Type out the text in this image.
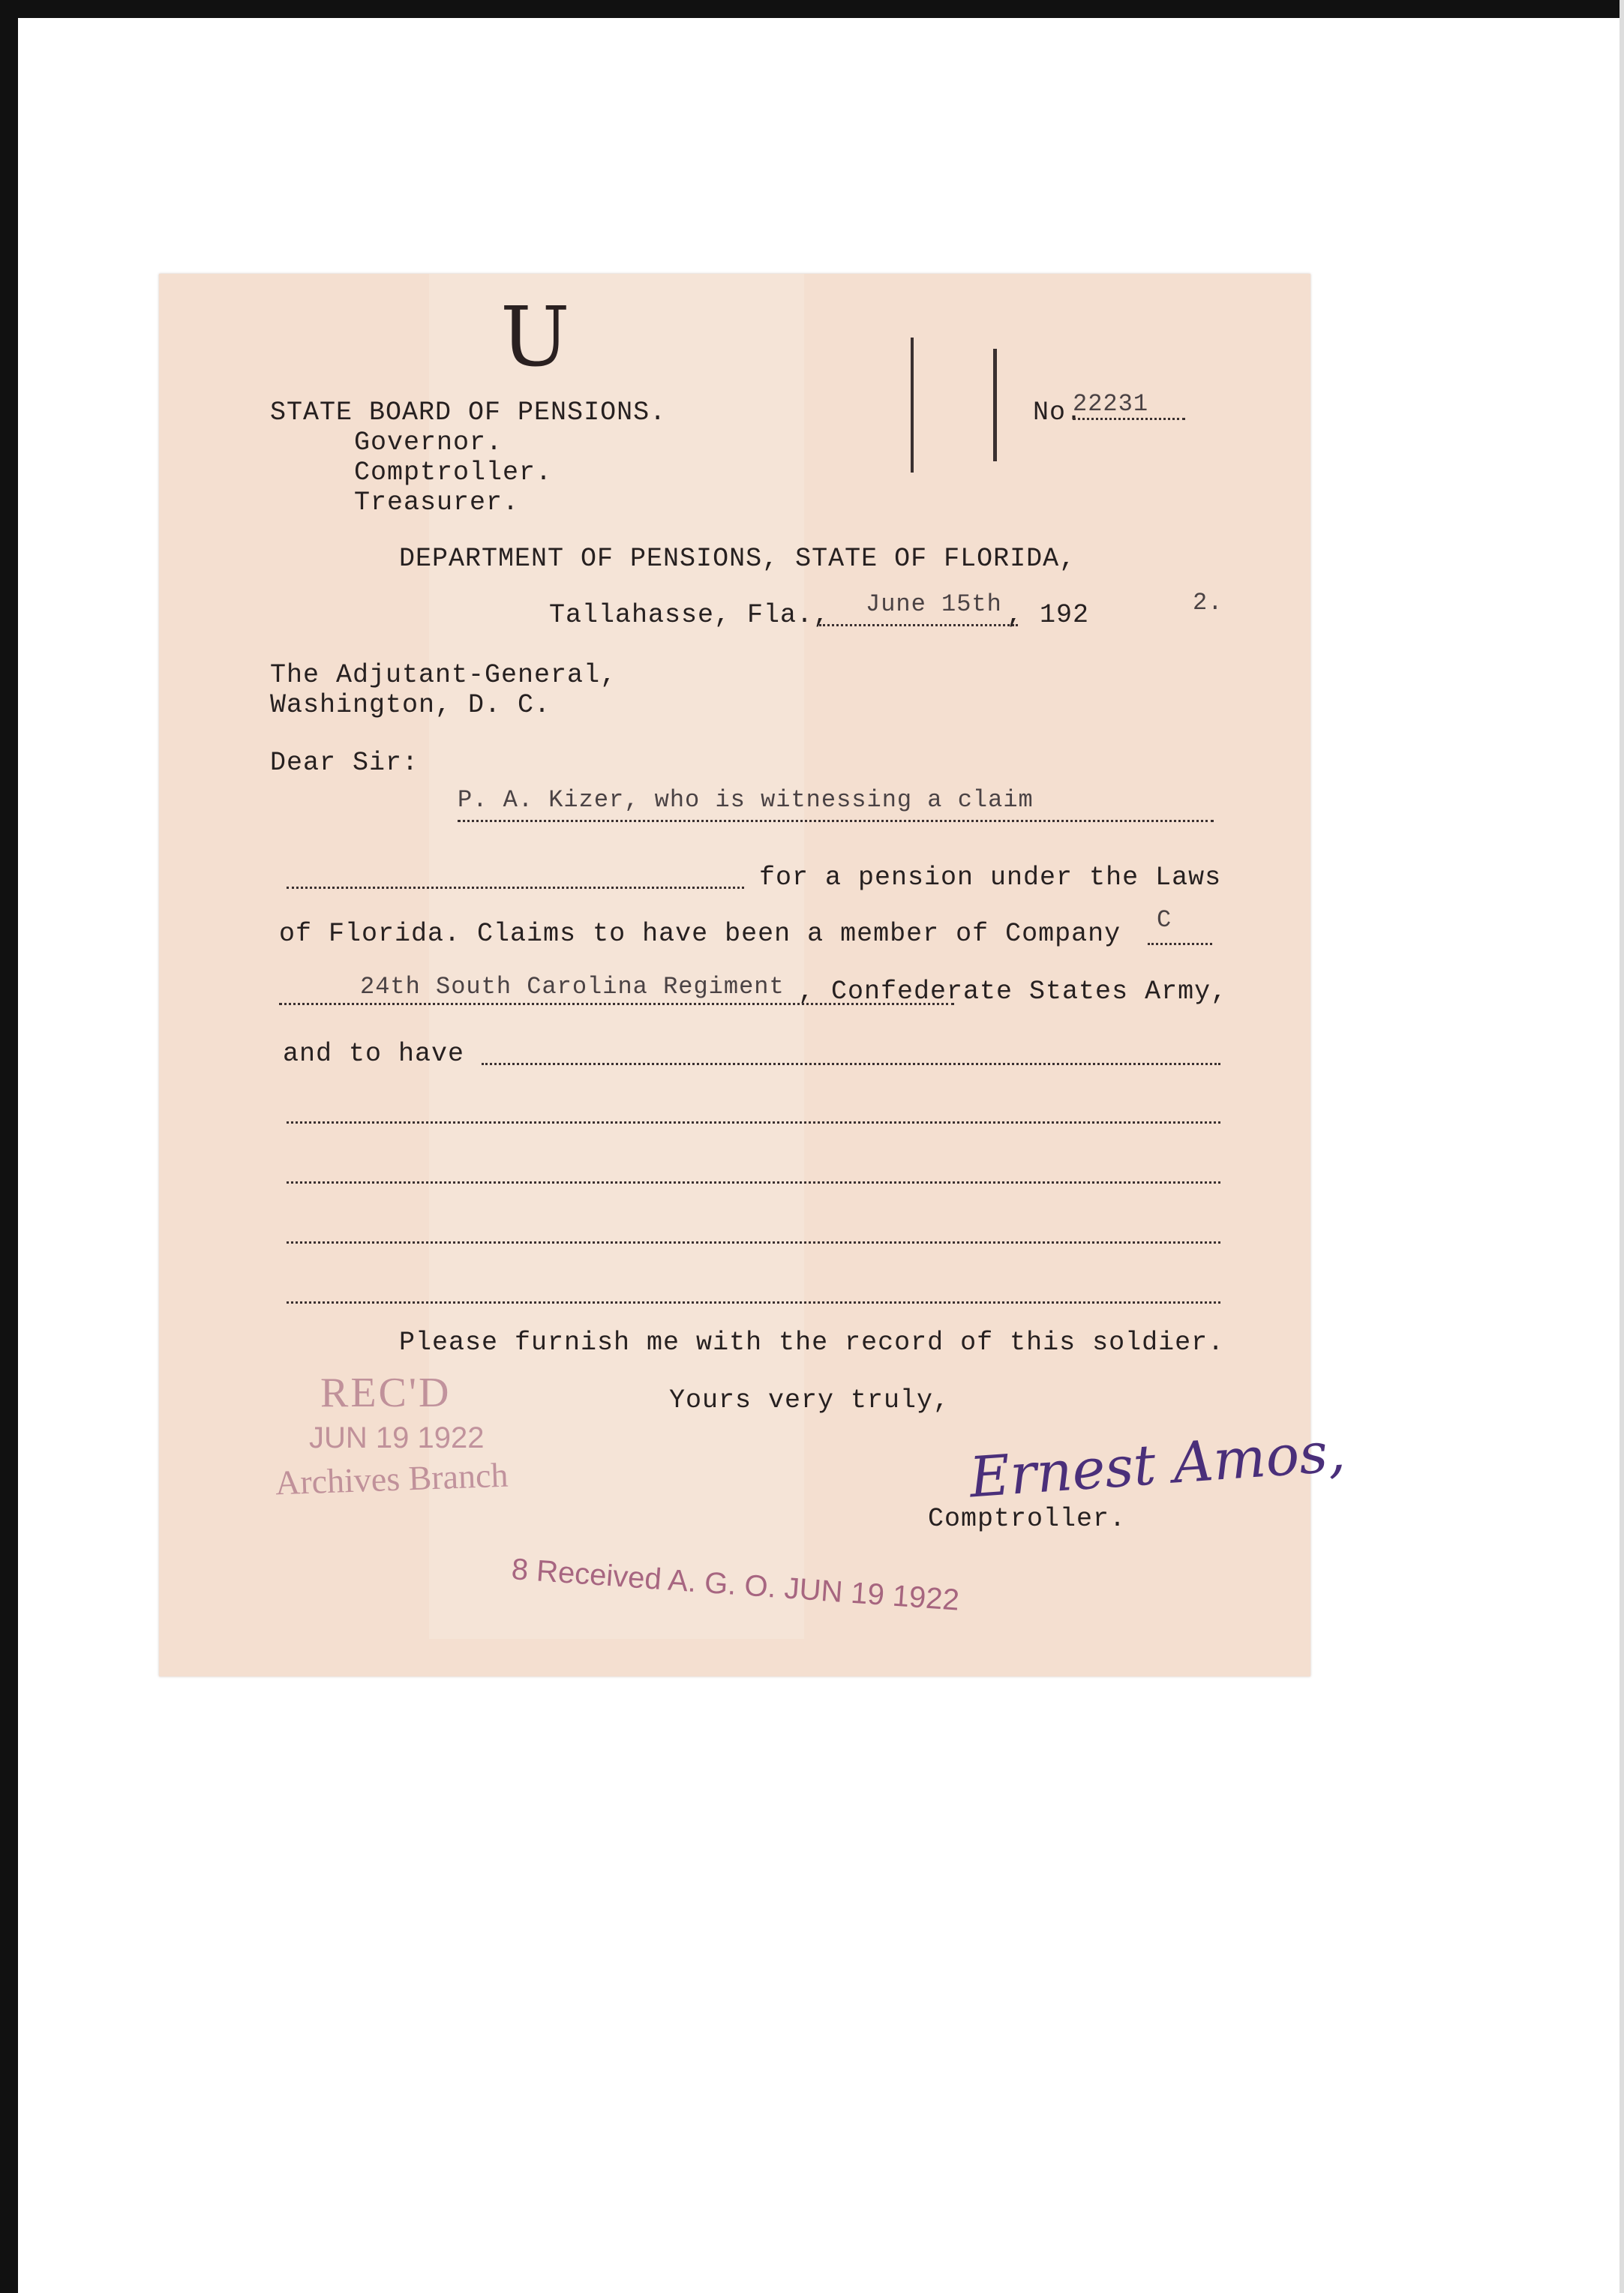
U
STATE BOARD OF PENSIONS.
Governor.
Comptroller.
Treasurer.
No.
22231
DEPARTMENT OF PENSIONS, STATE OF FLORIDA,
Tallahasse, Fla., June 15th , 192	2.
The Adjutant-General,
Washington, D. C.
Dear Sir:
P. A. Kizer, who is witnessing a claim
for a pension under the Laws
of Florida. Claims to have been a member of Company C
24th South Carolina Regiment , Confederate States Army,
and to have
Please furnish me with the record of this soldier.
Yours very truly,
Ernest Amos,
Comptroller.
REC'D
JUN 19 1922
Archives Branch
8 Received A. G. O. JUN 19 1922
